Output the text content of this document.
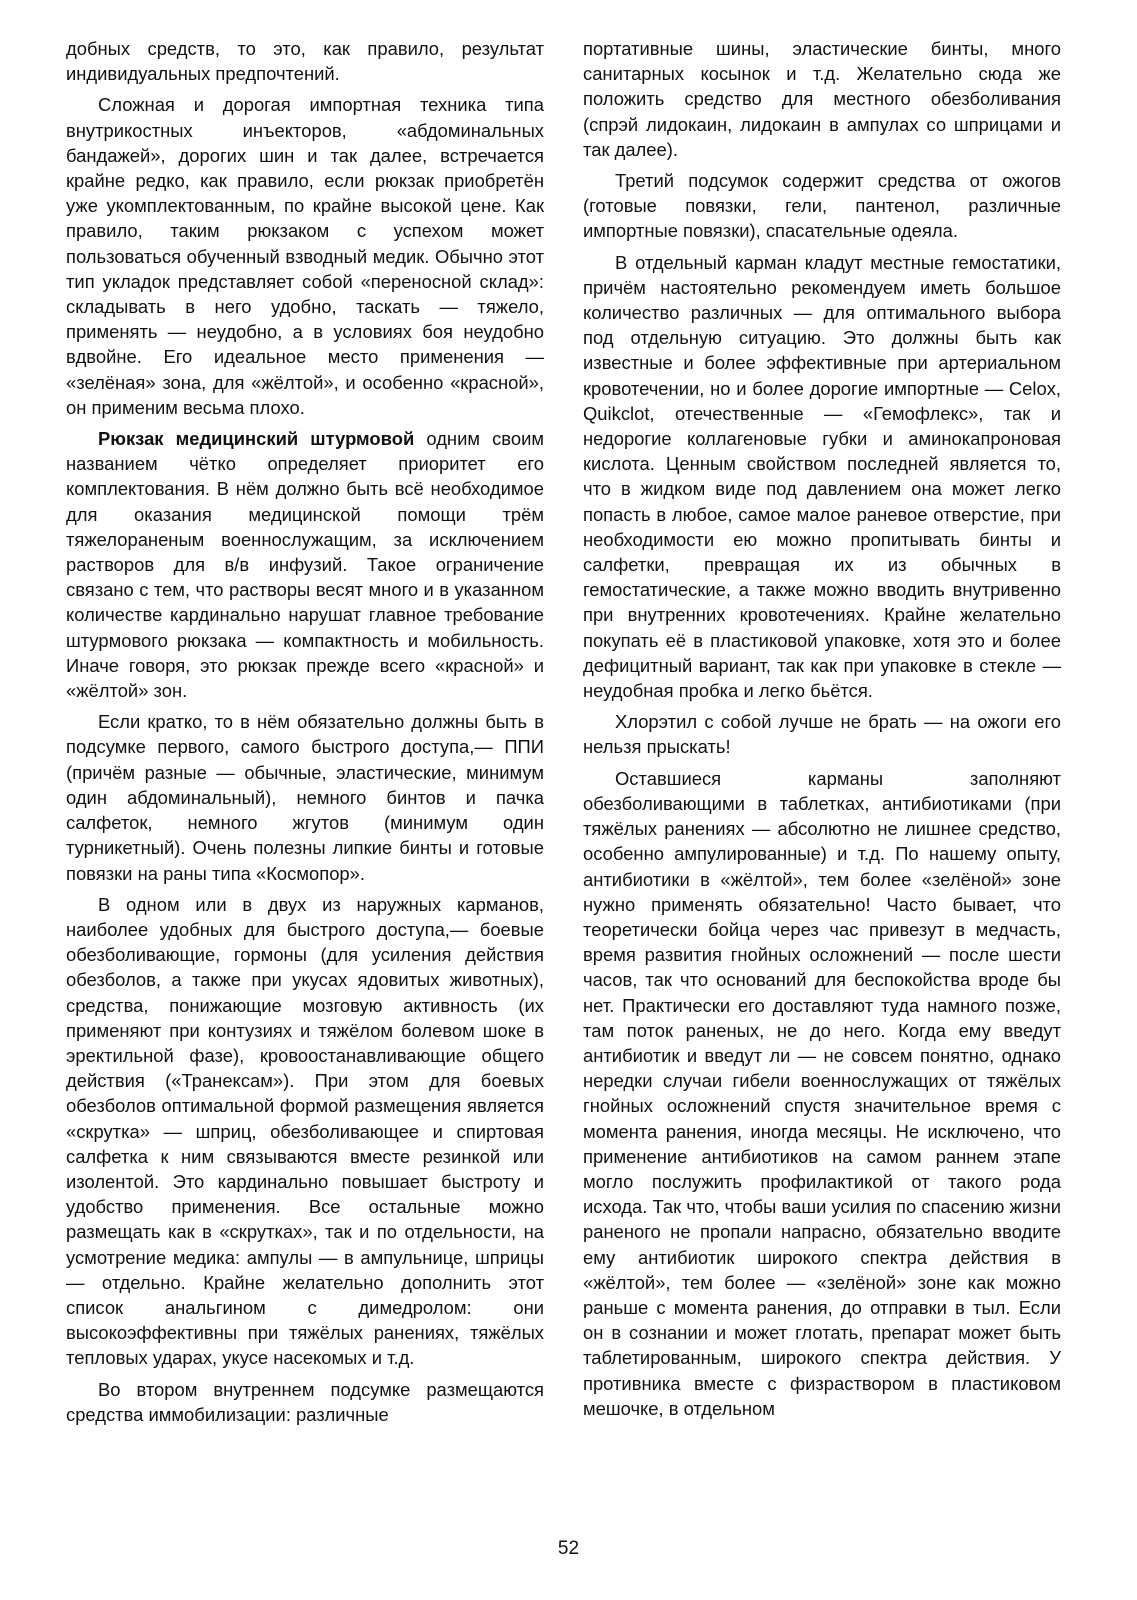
добных средств, то это, как правило, результат индивидуальных предпочтений.

Сложная и дорогая импортная техника типа внутрикостных инъекторов, «абдоминальных бандажей», дорогих шин и так далее, встречается крайне редко, как правило, если рюкзак приобретён уже укомплектованным, по крайне высокой цене. Как правило, таким рюкзаком с успехом может пользоваться обученный взводный медик. Обычно этот тип укладок представляет собой «переносной склад»: складывать в него удобно, таскать — тяжело, применять — неудобно, а в условиях боя неудобно вдвойне. Его идеальное место применения — «зелёная» зона, для «жёлтой», и особенно «красной», он применим весьма плохо.

Рюкзак медицинский штурмовой одним своим названием чётко определяет приоритет его комплектования. В нём должно быть всё необходимое для оказания медицинской помощи трём тяжелораненым военнослужащим, за исключением растворов для в/в инфузий. Такое ограничение связано с тем, что растворы весят много и в указанном количестве кардинально нарушат главное требование штурмового рюкзака — компактность и мобильность. Иначе говоря, это рюкзак прежде всего «красной» и «жёлтой» зон.

Если кратко, то в нём обязательно должны быть в подсумке первого, самого быстрого доступа,— ППИ (причём разные — обычные, эластические, минимум один абдоминальный), немного бинтов и пачка салфеток, немного жгутов (минимум один турникетный). Очень полезны липкие бинты и готовые повязки на раны типа «Космопор».

В одном или в двух из наружных карманов, наиболее удобных для быстрого доступа,— боевые обезболивающие, гормоны (для усиления действия обезболов, а также при укусах ядовитых животных), средства, понижающие мозговую активность (их применяют при контузиях и тяжёлом болевом шоке в эректильной фазе), кровоостанавливающие общего действия («Транексам»). При этом для боевых обезболов оптимальной формой размещения является «скрутка» — шприц, обезболивающее и спиртовая салфетка к ним связываются вместе резинкой или изолентой. Это кардинально повышает быстроту и удобство применения. Все остальные можно размещать как в «скрутках», так и по отдельности, на усмотрение медика: ампулы — в ампульнице, шприцы — отдельно. Крайне желательно дополнить этот список анальгином с димедролом: они высокоэффективны при тяжёлых ранениях, тяжёлых тепловых ударах, укусе насекомых и т.д.

Во втором внутреннем подсумке размещаются средства иммобилизации: различные

портативные шины, эластические бинты, много санитарных косынок и т.д. Желательно сюда же положить средство для местного обезболивания (спрэй лидокаин, лидокаин в ампулах со шприцами и так далее).

Третий подсумок содержит средства от ожогов (готовые повязки, гели, пантенол, различные импортные повязки), спасательные одеяла.

В отдельный карман кладут местные гемостатики, причём настоятельно рекомендуем иметь большое количество различных — для оптимального выбора под отдельную ситуацию. Это должны быть как известные и более эффективные при артериальном кровотечении, но и более дорогие импортные — Celox, Quikclot, отечественные — «Гемофлекс», так и недорогие коллагеновые губки и аминокапроновая кислота. Ценным свойством последней является то, что в жидком виде под давлением она может легко попасть в любое, самое малое раневое отверстие, при необходимости ею можно пропитывать бинты и салфетки, превращая их из обычных в гемостатические, а также можно вводить внутривенно при внутренних кровотечениях. Крайне желательно покупать её в пластиковой упаковке, хотя это и более дефицитный вариант, так как при упаковке в стекле — неудобная пробка и легко бьётся.

Хлорэтил с собой лучше не брать — на ожоги его нельзя прыскать!

Оставшиеся карманы заполняют обезболивающими в таблетках, антибиотиками (при тяжёлых ранениях — абсолютно не лишнее средство, особенно ампулированные) и т.д. По нашему опыту, антибиотики в «жёлтой», тем более «зелёной» зоне нужно применять обязательно! Часто бывает, что теоретически бойца через час привезут в медчасть, время развития гнойных осложнений — после шести часов, так что оснований для беспокойства вроде бы нет. Практически его доставляют туда намного позже, там поток раненых, не до него. Когда ему введут антибиотик и введут ли — не совсем понятно, однако нередки случаи гибели военнослужащих от тяжёлых гнойных осложнений спустя значительное время с момента ранения, иногда месяцы. Не исключено, что применение антибиотиков на самом раннем этапе могло послужить профилактикой от такого рода исхода. Так что, чтобы ваши усилия по спасению жизни раненого не пропали напрасно, обязательно вводите ему антибиотик широкого спектра действия в «жёлтой», тем более — «зелёной» зоне как можно раньше с момента ранения, до отправки в тыл. Если он в сознании и может глотать, препарат может быть таблетированным, широкого спектра действия. У противника вместе с физраствором в пластиковом мешочке, в отдельном

52
